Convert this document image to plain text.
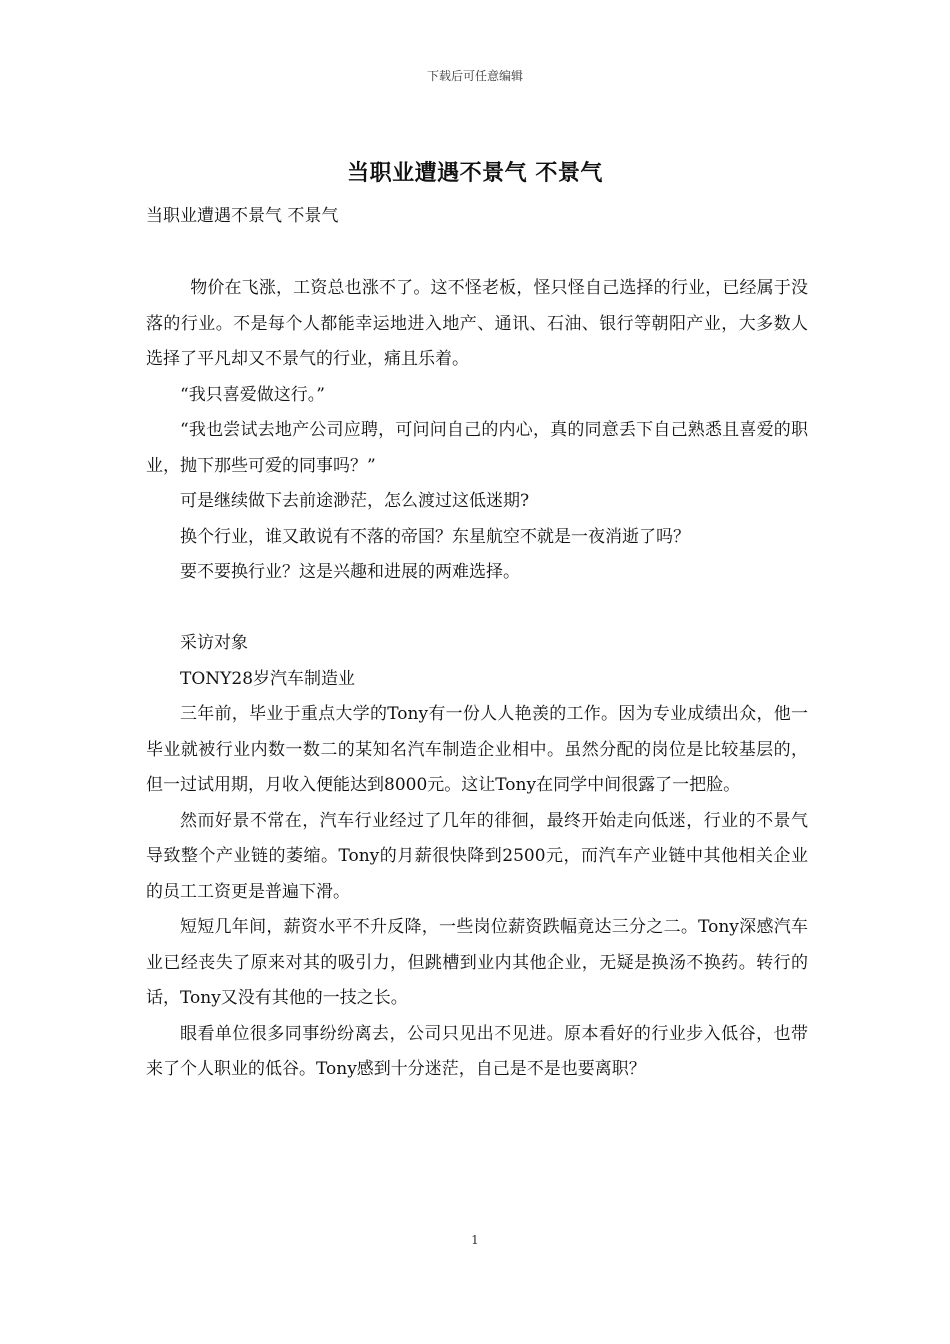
下载后可任意编辑
当职业遭遇不景气 不景气
当职业遭遇不景气 不景气

物价在飞涨，工资总也涨不了。这不怪老板，怪只怪自己选择的行业，已经属于没落的行业。不是每个人都能幸运地进入地产、通讯、石油、银行等朝阳产业，大多数人选择了平凡却又不景气的行业，痛且乐着。

“我只喜爱做这行。”

“我也尝试去地产公司应聘，可问问自己的内心，真的同意丢下自己熟悉且喜爱的职业，抛下那些可爱的同事吗？”

可是继续做下去前途渺茫，怎么渡过这低迷期?

换个行业，谁又敢说有不落的帝国？东星航空不就是一夜消逝了吗？

要不要换行业？这是兴趣和进展的两难选择。

采访对象

TONY28岁汽车制造业

三年前，毕业于重点大学的Tony有一份人人艳羡的工作。因为专业成绩出众，他一毕业就被行业内数一数二的某知名汽车制造企业相中。虽然分配的岗位是比较基层的，但一过试用期，月收入便能达到8000元。这让Tony在同学中间很露了一把脸。

然而好景不常在，汽车行业经过了几年的徘徊，最终开始走向低迷，行业的不景气导致整个产业链的萎缩。Tony的月薪很快降到2500元，而汽车产业链中其他相关企业的员工工资更是普遍下滑。

短短几年间，薪资水平不升反降，一些岗位薪资跌幅竟达三分之二。Tony深感汽车业已经丧失了原来对其的吸引力，但跳槽到业内其他企业，无疑是换汤不换药。转行的话，Tony又没有其他的一技之长。

眼看单位很多同事纷纷离去，公司只见出不见进。原本看好的行业步入低谷，也带来了个人职业的低谷。Tony感到十分迷茫，自己是不是也要离职？

1
